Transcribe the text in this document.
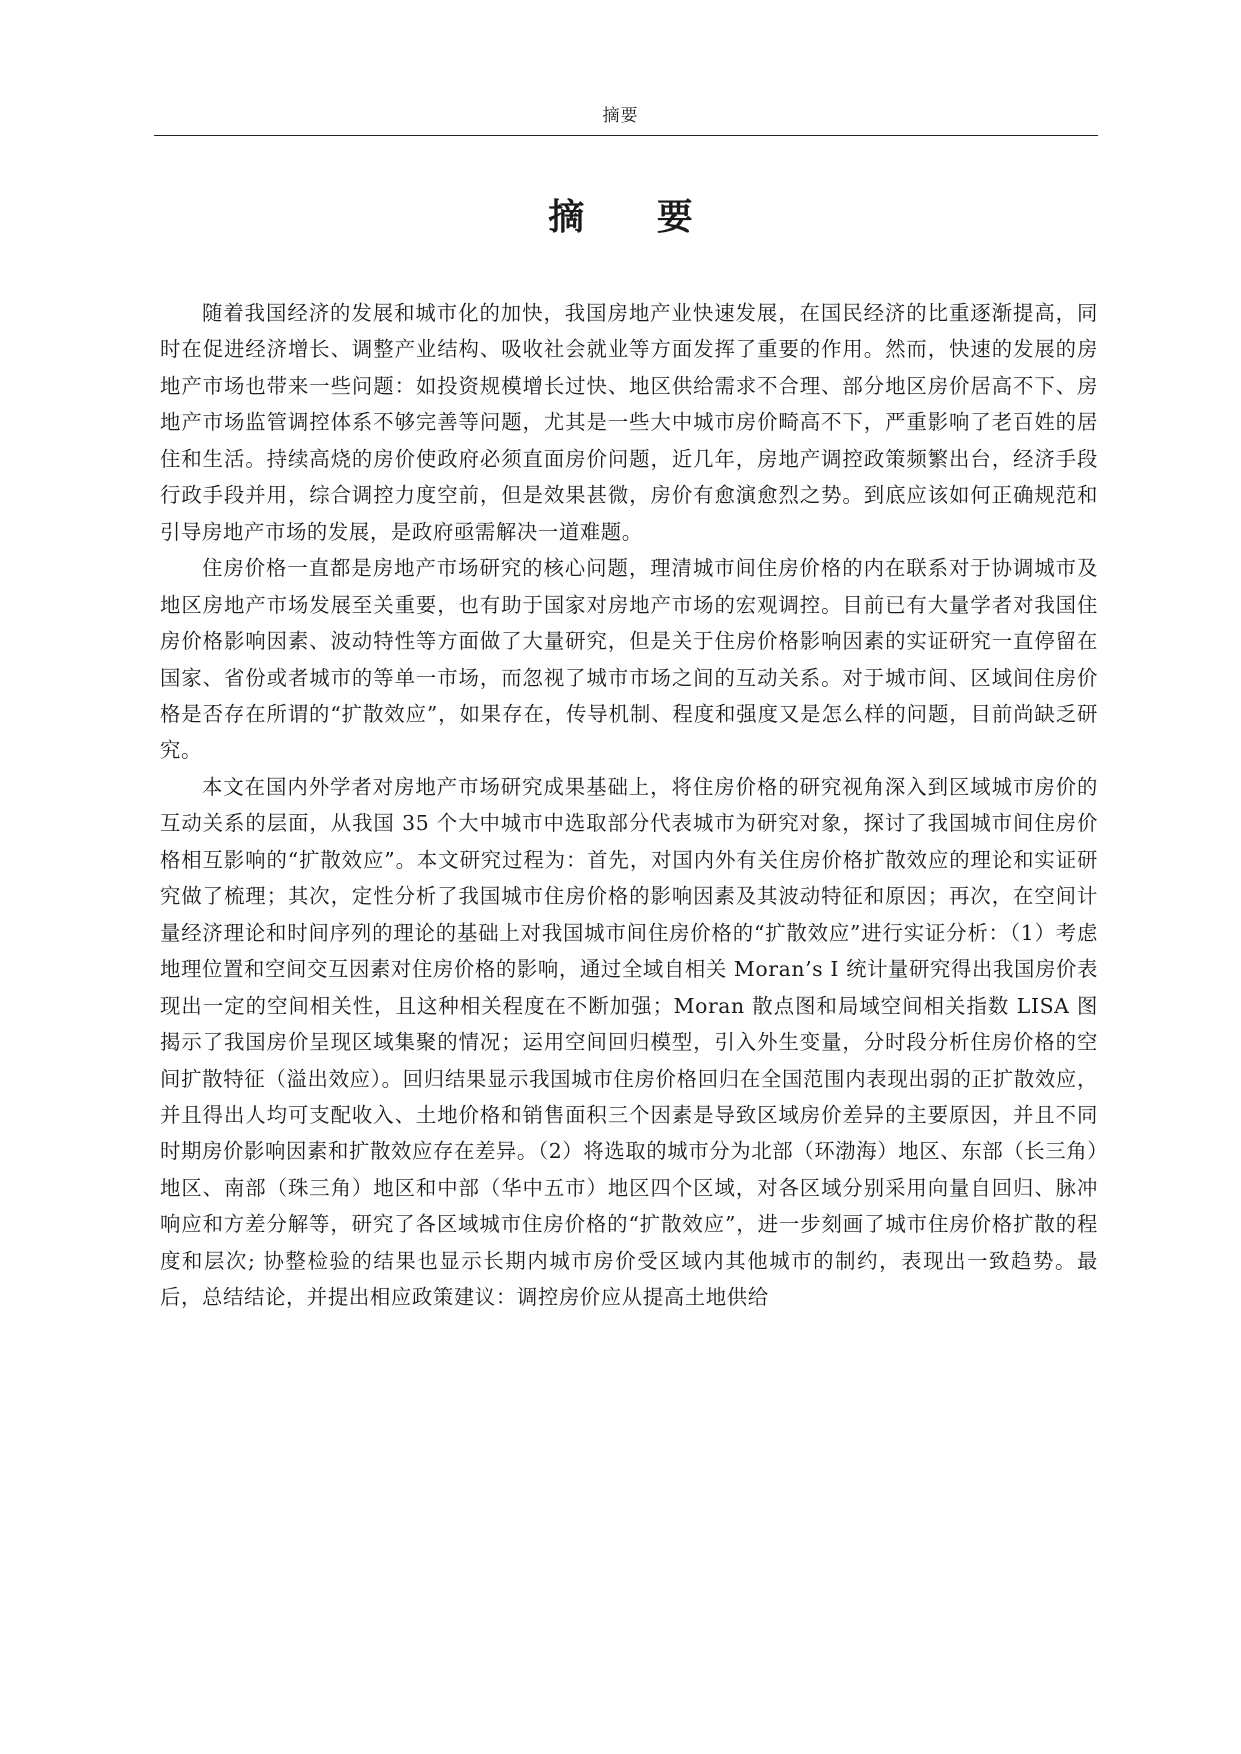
摘要
摘 要

随着我国经济的发展和城市化的加快，我国房地产业快速发展，在国民经济的比重逐渐提高，同时在促进经济增长、调整产业结构、吸收社会就业等方面发挥了重要的作用。然而，快速的发展的房地产市场也带来一些问题：如投资规模增长过快、地区供给需求不合理、部分地区房价居高不下、房地产市场监管调控体系不够完善等问题，尤其是一些大中城市房价畸高不下，严重影响了老百姓的居住和生活。持续高烧的房价使政府必须直面房价问题，近几年，房地产调控政策频繁出台，经济手段行政手段并用，综合调控力度空前，但是效果甚微，房价有愈演愈烈之势。到底应该如何正确规范和引导房地产市场的发展，是政府亟需解决一道难题。

住房价格一直都是房地产市场研究的核心问题，理清城市间住房价格的内在联系对于协调城市及地区房地产市场发展至关重要，也有助于国家对房地产市场的宏观调控。目前已有大量学者对我国住房价格影响因素、波动特性等方面做了大量研究，但是关于住房价格影响因素的实证研究一直停留在国家、省份或者城市的等单一市场，而忽视了城市市场之间的互动关系。对于城市间、区域间住房价格是否存在所谓的“扩散效应”，如果存在，传导机制、程度和强度又是怎么样的问题，目前尚缺乏研究。

本文在国内外学者对房地产市场研究成果基础上，将住房价格的研究视角深入到区域城市房价的互动关系的层面，从我国 35 个大中城市中选取部分代表城市为研究对象，探讨了我国城市间住房价格相互影响的“扩散效应”。本文研究过程为：首先，对国内外有关住房价格扩散效应的理论和实证研究做了梳理；其次，定性分析了我国城市住房价格的影响因素及其波动特征和原因；再次，在空间计量经济理论和时间序列的理论的基础上对我国城市间住房价格的“扩散效应”进行实证分析：（1）考虑地理位置和空间交互因素对住房价格的影响，通过全域自相关 Moran’s I 统计量研究得出我国房价表现出一定的空间相关性，且这种相关程度在不断加强；Moran 散点图和局域空间相关指数 LISA 图揭示了我国房价呈现区域集聚的情况；运用空间回归模型，引入外生变量，分时段分析住房价格的空间扩散特征（溢出效应）。回归结果显示我国城市住房价格回归在全国范围内表现出弱的正扩散效应，并且得出人均可支配收入、土地价格和销售面积三个因素是导致区域房价差异的主要原因，并且不同时期房价影响因素和扩散效应存在差异。（2）将选取的城市分为北部（环渤海）地区、东部（长三角）地区、南部（珠三角）地区和中部（华中五市）地区四个区域，对各区域分别采用向量自回归、脉冲响应和方差分解等，研究了各区域城市住房价格的“扩散效应”，进一步刻画了城市住房价格扩散的程度和层次; 协整检验的结果也显示长期内城市房价受区域内其他城市的制约，表现出一致趋势。最后，总结结论，并提出相应政策建议：调控房价应从提高土地供给
